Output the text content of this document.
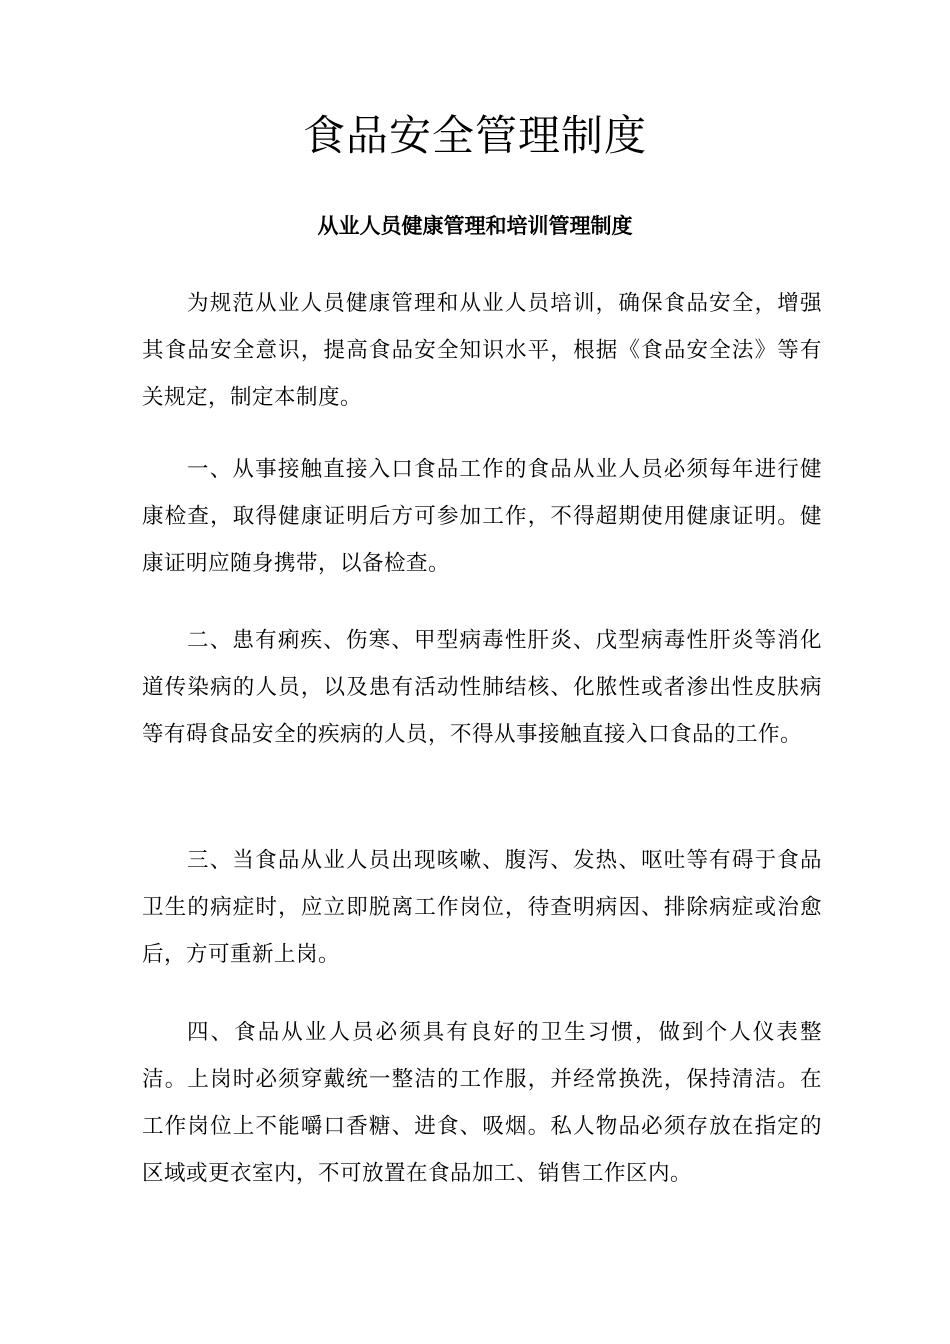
食品安全管理制度
从业人员健康管理和培训管理制度

为规范从业人员健康管理和从业人员培训，确保食品安全，增强其食品安全意识，提高食品安全知识水平，根据《食品安全法》等有关规定，制定本制度。

一、从事接触直接入口食品工作的食品从业人员必须每年进行健康检查，取得健康证明后方可参加工作，不得超期使用健康证明。健康证明应随身携带，以备检查。

二、患有痢疾、伤寒、甲型病毒性肝炎、戊型病毒性肝炎等消化道传染病的人员，以及患有活动性肺结核、化脓性或者渗出性皮肤病等有碍食品安全的疾病的人员，不得从事接触直接入口食品的工作。

三、当食品从业人员出现咳嗽、腹泻、发热、呕吐等有碍于食品卫生的病症时，应立即脱离工作岗位，待查明病因、排除病症或治愈后，方可重新上岗。

四、食品从业人员必须具有良好的卫生习惯，做到个人仪表整洁。上岗时必须穿戴统一整洁的工作服，并经常换洗，保持清洁。在工作岗位上不能嚼口香糖、进食、吸烟。私人物品必须存放在指定的区域或更衣室内，不可放置在食品加工、销售工作区内。
